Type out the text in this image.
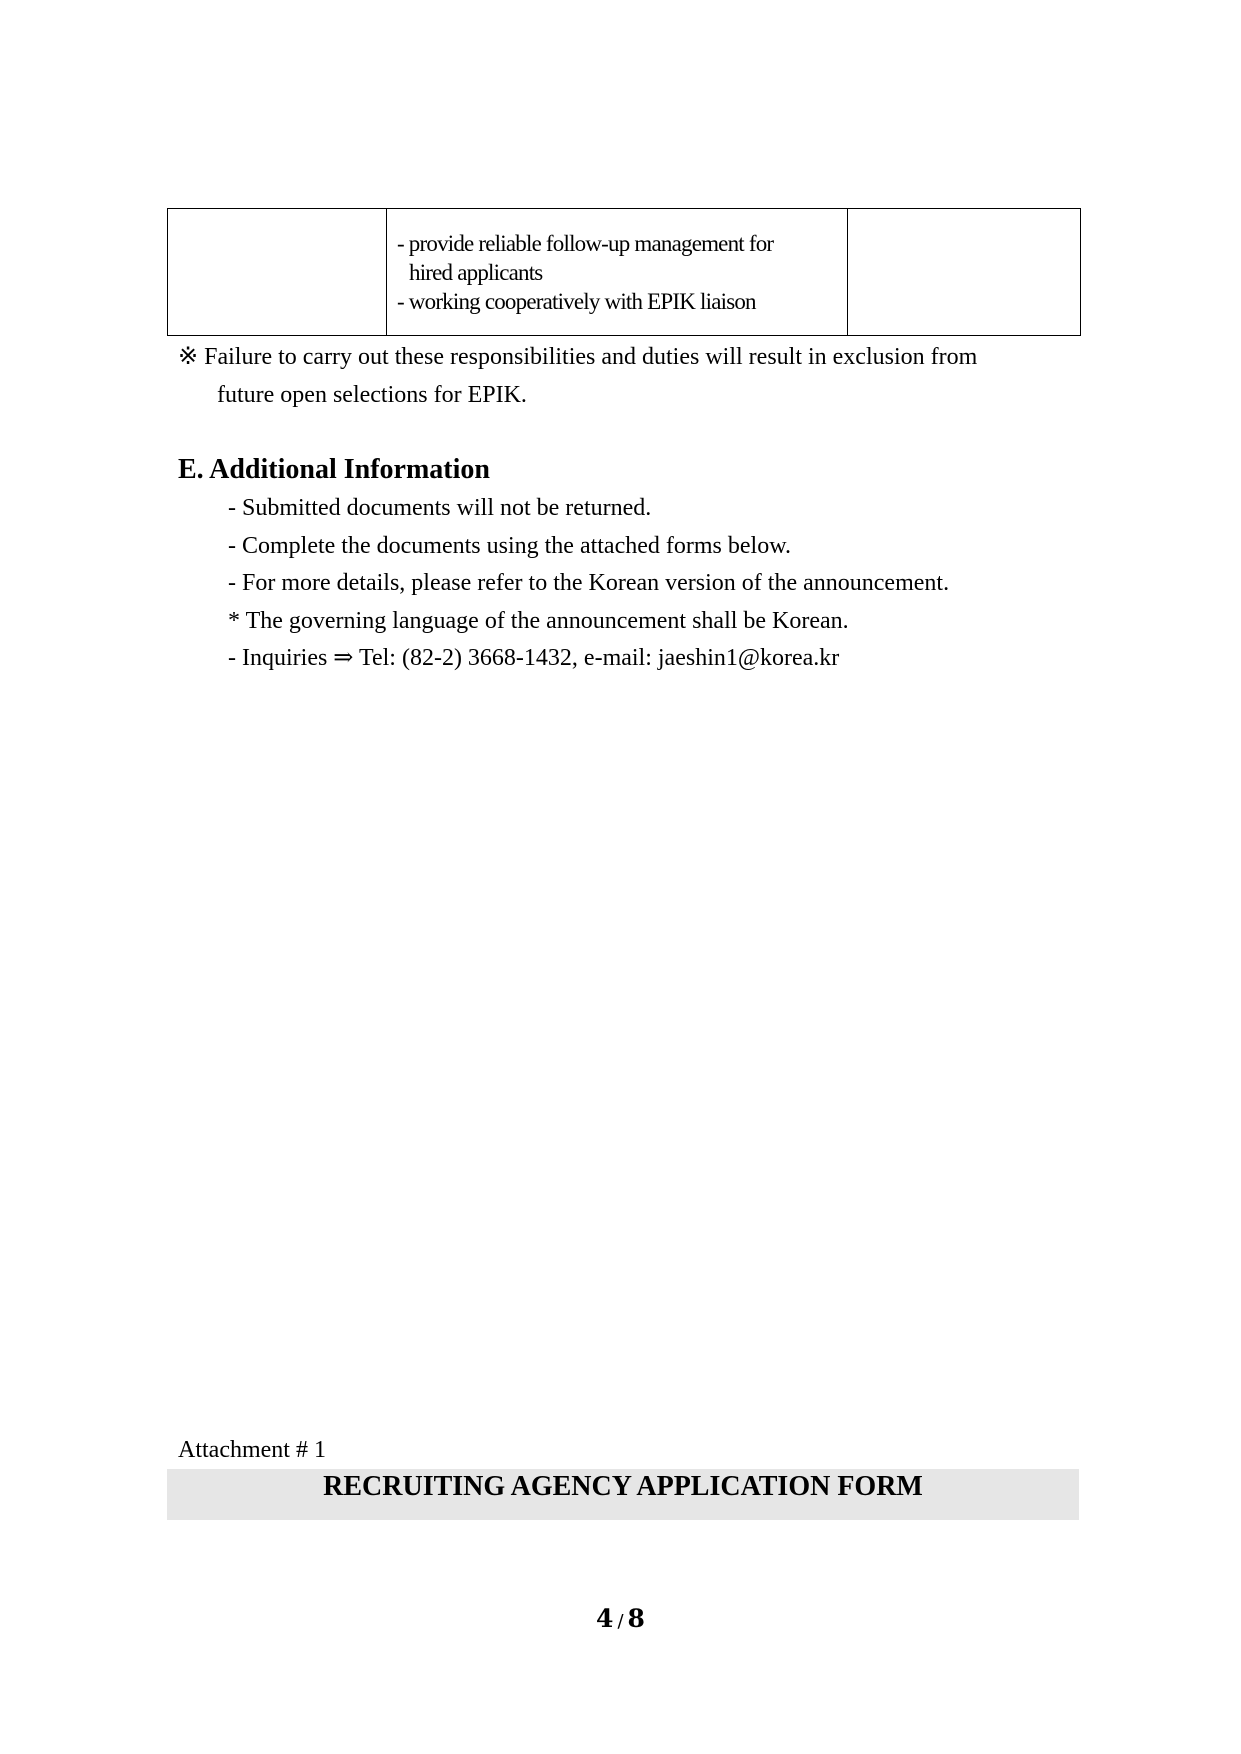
- provide reliable follow-up management for
hired applicants
- working cooperatively with EPIK liaison

※ Failure to carry out these responsibilities and duties will result in exclusion from
future open selections for EPIK.
E. Additional Information
- Submitted documents will not be returned.
- Complete the documents using the attached forms below.
- For more details, please refer to the Korean version of the announcement.
* The governing language of the announcement shall be Korean.
- Inquiries ⇒ Tel: (82-2) 3668-1432, e-mail: jaeshin1@korea.kr
Attachment # 1
RECRUITING AGENCY APPLICATION FORM
4 / 8
